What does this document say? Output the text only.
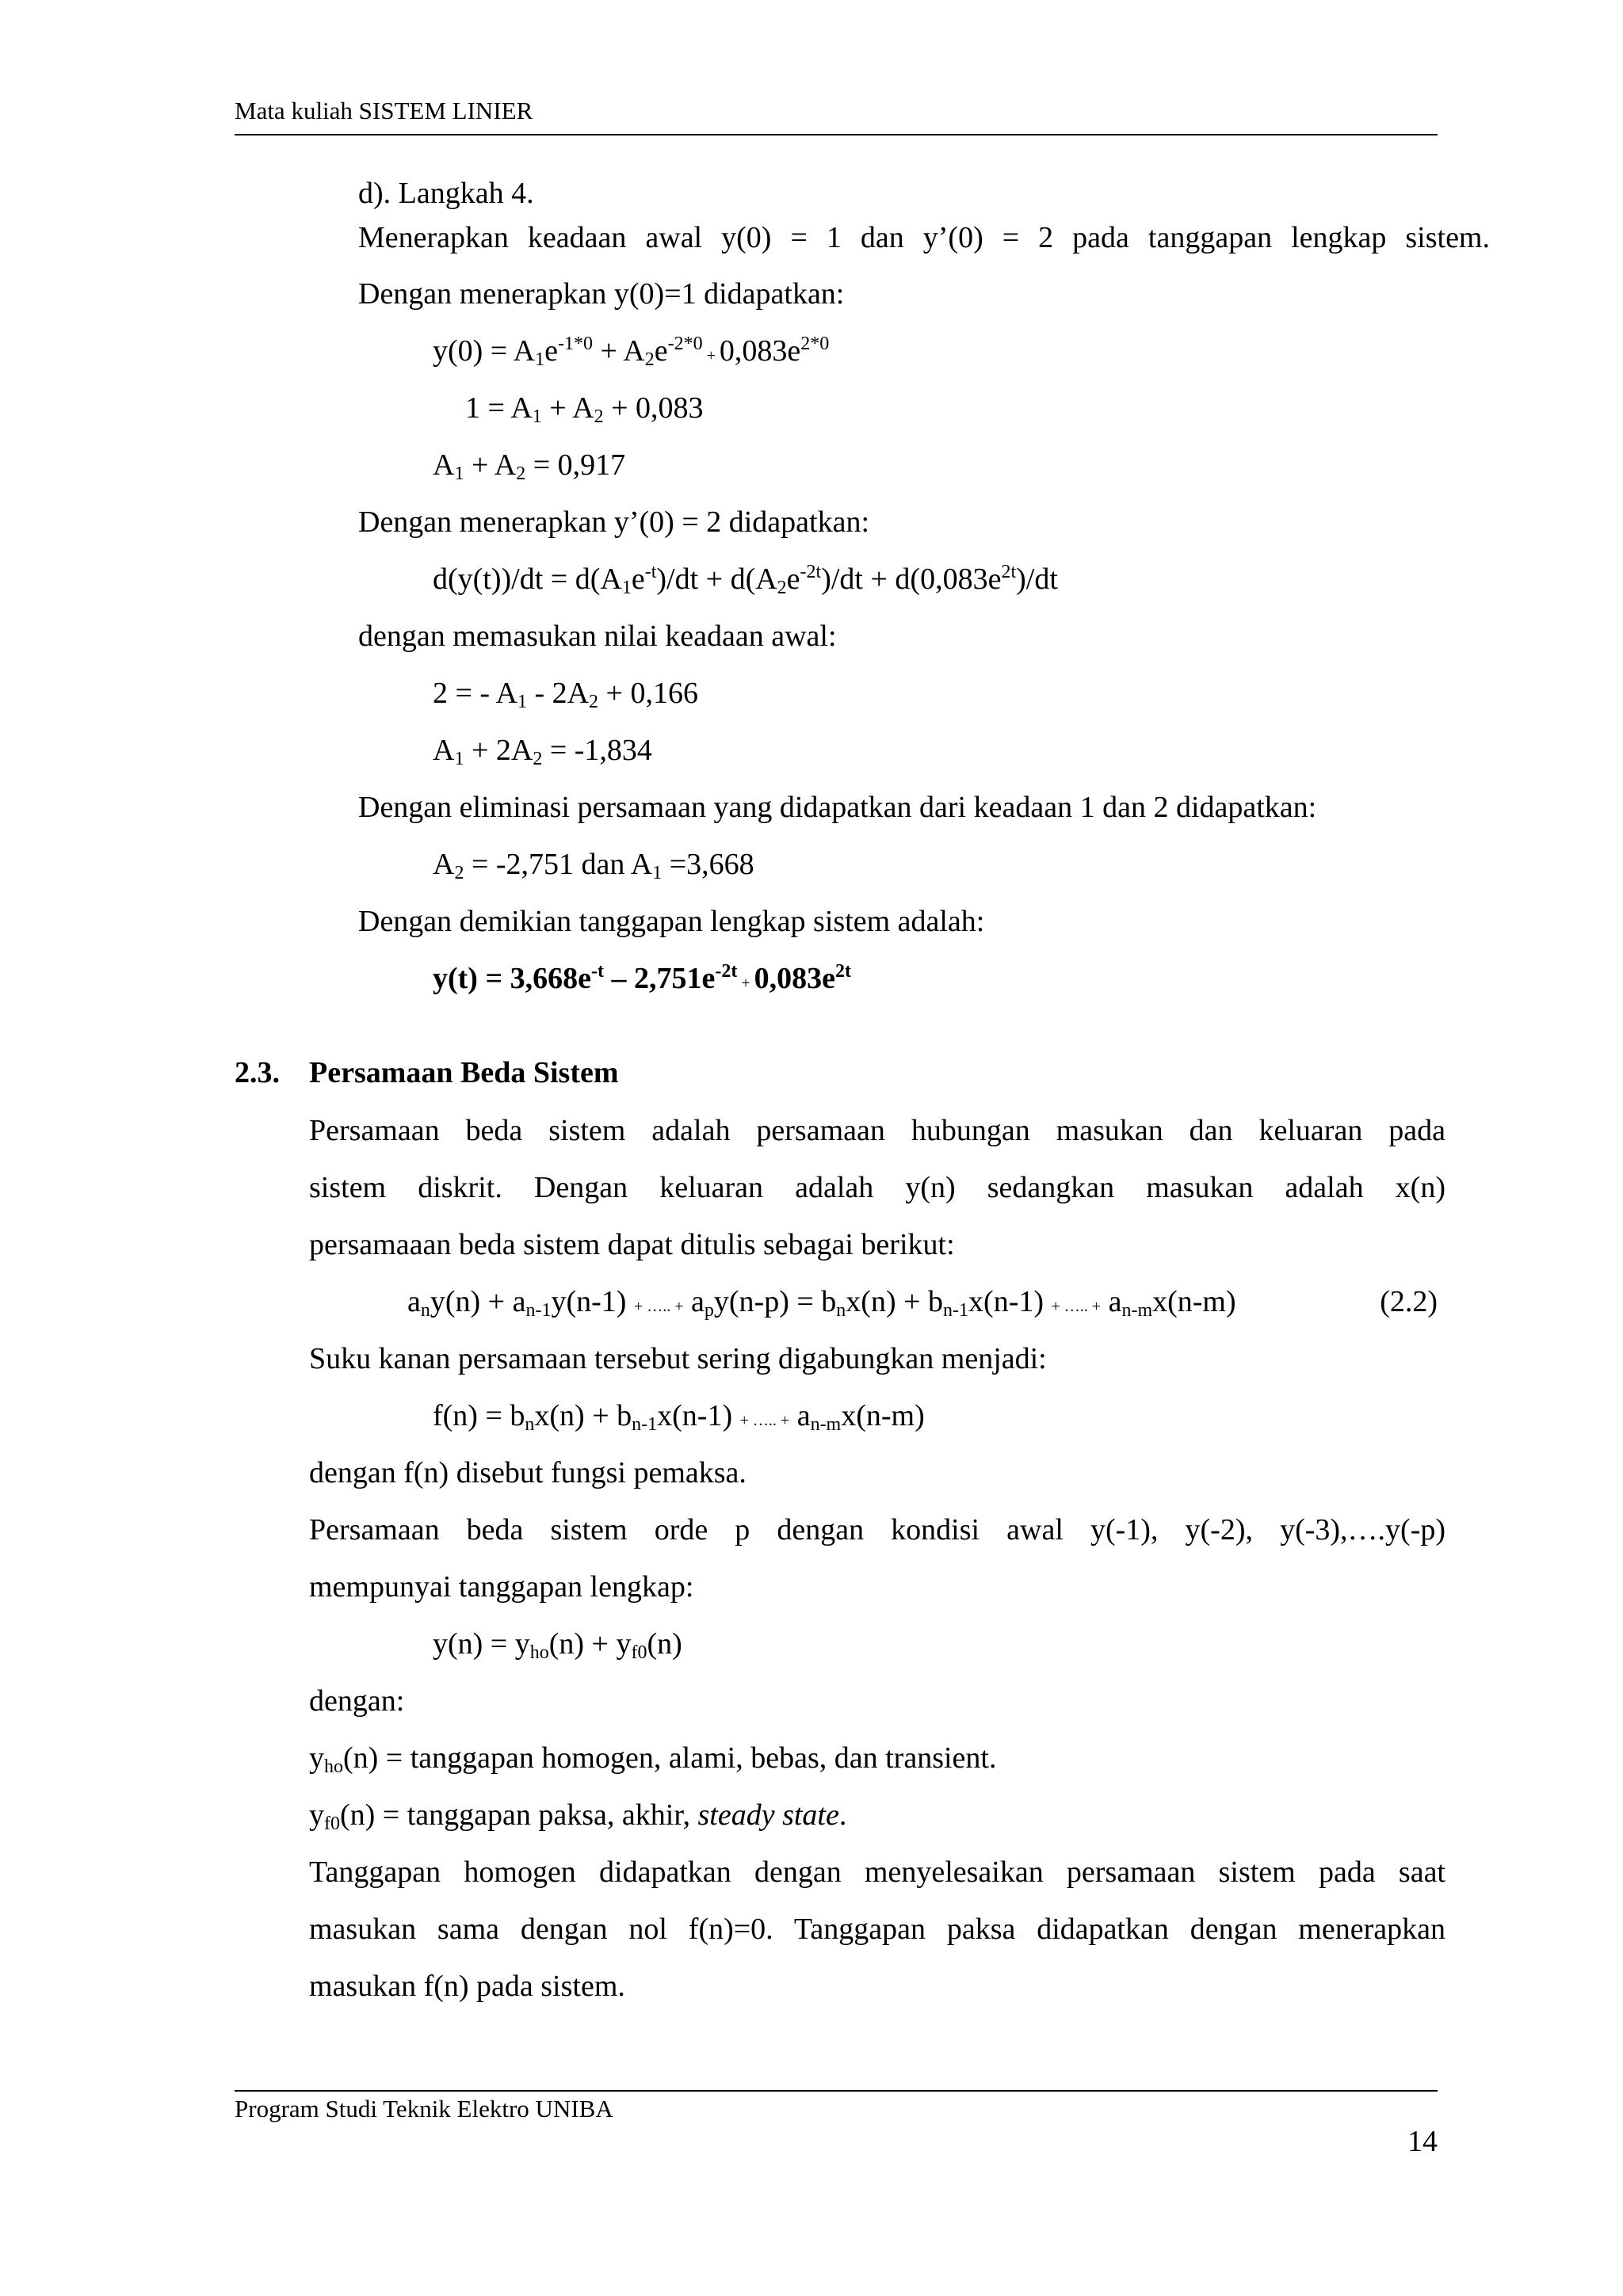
Mata kuliah SISTEM LINIER
d). Langkah 4.
Menerapkan keadaan awal y(0) = 1 dan y’(0) = 2 pada tanggapan lengkap sistem.
Dengan menerapkan y(0)=1 didapatkan:
$y(0) = A_1e^{-1*0} + A_2e^{-2*0} + 0,083e^{2*0}$
$1 = A_1 + A_2 + 0,083$
$A_1 + A_2 = 0,917$
Dengan menerapkan y’(0) = 2 didapatkan:
$d(y(t))/dt = d(A_1e^{-t})/dt + d(A_2e^{-2t})/dt + d(0,083e^{2t})/dt$
dengan memasukan nilai keadaan awal:
2 = - $A_1 - 2A_2 + 0,166$
$A_1 + 2A_2 = -1,834$
Dengan eliminasi persamaan yang didapatkan dari keadaan 1 dan 2 didapatkan:
$A_2 = -2,751$ dan $A_1 =3,668$
Dengan demikian tanggapan lengkap sistem adalah:
$y(t) = 3,668e^{-t} - 2,751e^{-2t} + 0,083e^{2t}$
2.3. Persamaan Beda Sistem
Persamaan beda sistem adalah persamaan hubungan masukan dan keluaran pada
sistem diskrit. Dengan keluaran adalah y(n) sedangkan masukan adalah x(n)
persamaaan beda sistem dapat ditulis sebagai berikut:
$a_ny(n) + a_{n-1}y(n-1)$ + ….. + $a_py(n-p) = b_nx(n) + b_{n-1}x(n-1)$ + ….. + $a_{n-m}x(n-m)$	(2.2)
Suku kanan persamaan tersebut sering digabungkan menjadi:
$f(n) = b_nx(n) + b_{n-1}x(n-1)$ + ….. + $a_{n-m}x(n-m)$
dengan f(n) disebut fungsi pemaksa.
Persamaan beda sistem orde p dengan kondisi awal y(-1), y(-2), y(-3),….y(-p)
mempunyai tanggapan lengkap:
$y(n) = y_{ho}(n) + y_{f0}(n)$
dengan:
$y_{ho}(n)$ = tanggapan homogen, alami, bebas, dan transient.
$y_{f0}(n)$ = tanggapan paksa, akhir, steady state.
Tanggapan homogen didapatkan dengan menyelesaikan persamaan sistem pada saat
masukan sama dengan nol f(n)=0. Tanggapan paksa didapatkan dengan menerapkan
masukan f(n) pada sistem.
Program Studi Teknik Elektro UNIBA
14
